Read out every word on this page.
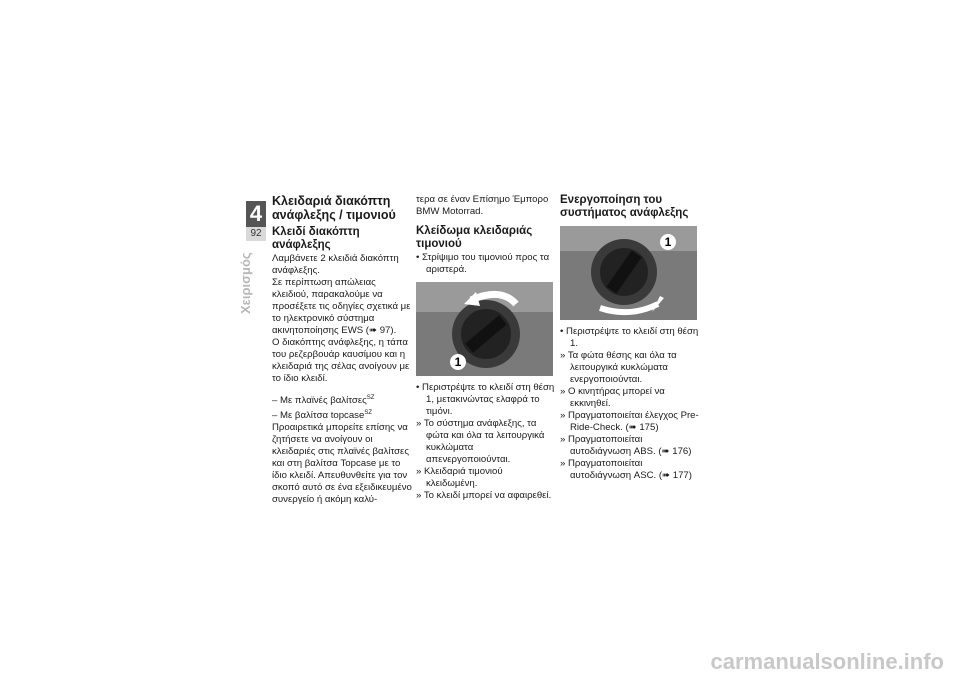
4
92
Χειρισμός
Κλειδαριά διακόπτη ανάφλεξης / τιμονιού
Κλειδί διακόπτη ανάφλεξης

Λαμβάνετε 2 κλειδιά διακόπτη ανάφλεξης.

Σε περίπτωση απώλειας κλειδιού, παρακαλούμε να προσέξετε τις οδηγίες σχετικά με το ηλεκτρονικό σύστημα ακινητοποίησης EWS (➠ 97).

Ο διακόπτης ανάφλεξης, η τάπα του ρεζερβουάρ καυσίμου και η κλειδαριά της σέλας ανοίγουν με το ίδιο κλειδί.

– Με πλαϊνές βαλίτσες$^{SZ}$

– Με βαλίτσα topcase$^{SZ}$

Προαιρετικά μπορείτε επίσης να ζητήσετε να ανοίγουν οι κλειδαριές στις πλαϊνές βαλίτσες και στη βαλίτσα Topcase με το ίδιο κλειδί. Απευθυνθείτε για τον σκοπό αυτό σε ένα εξειδικευμένο συνεργείο ή ακόμη καλύ-

τερα σε έναν Επίσημο Έμπορο BMW Motorrad.

Κλείδωμα κλειδαριάς τιμονιού

• Στρίψιμο του τιμονιού προς τα αριστερά.

1

• Περιστρέψτε το κλειδί στη θέση 1, μετακινώντας ελαφρά το τιμόνι.

» Το σύστημα ανάφλεξης, τα φώτα και όλα τα λειτουργικά κυκλώματα απενεργοποιούνται.

» Κλειδαριά τιμονιού κλειδωμένη.

» Το κλειδί μπορεί να αφαιρεθεί.

Ενεργοποίηση του συστήματος ανάφλεξης
1

• Περιστρέψτε το κλειδί στη θέση 1.

» Τα φώτα θέσης και όλα τα λειτουργικά κυκλώματα ενεργοποιούνται.

» Ο κινητήρας μπορεί να εκκινηθεί.

» Πραγματοποιείται έλεγχος Pre-Ride-Check. (➠ 175)

» Πραγματοποιείται αυτοδιάγνωση ABS. (➠ 176)

» Πραγματοποιείται αυτοδιάγνωση ASC. (➠ 177)

carmanualsonline.info
